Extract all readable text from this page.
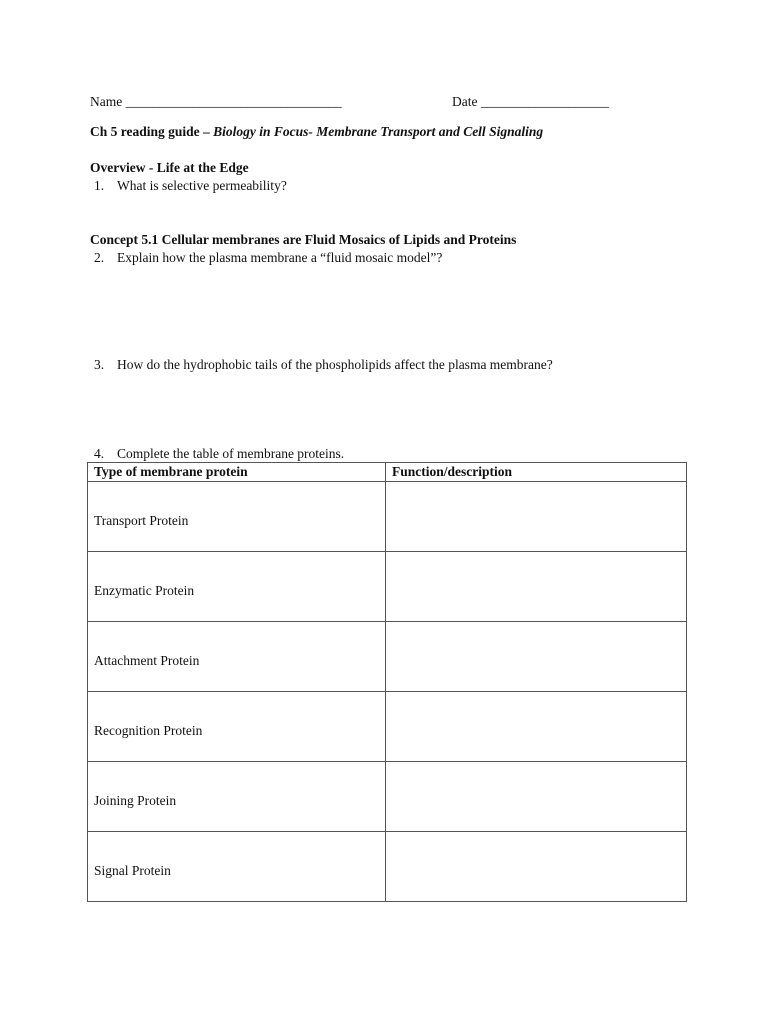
Name ________________________________	Date ___________________
Ch 5 reading guide – Biology in Focus- Membrane Transport and Cell Signaling
Overview - Life at the Edge
1. What is selective permeability?
Concept 5.1 Cellular membranes are Fluid Mosaics of Lipids and Proteins
2. Explain how the plasma membrane a “fluid mosaic model”?
3. How do the hydrophobic tails of the phospholipids affect the plasma membrane?
4. Complete the table of membrane proteins.
Type of membrane protein	Function/description
Transport Protein	
Enzymatic Protein	
Attachment Protein	
Recognition Protein	
Joining Protein	
Signal Protein	
